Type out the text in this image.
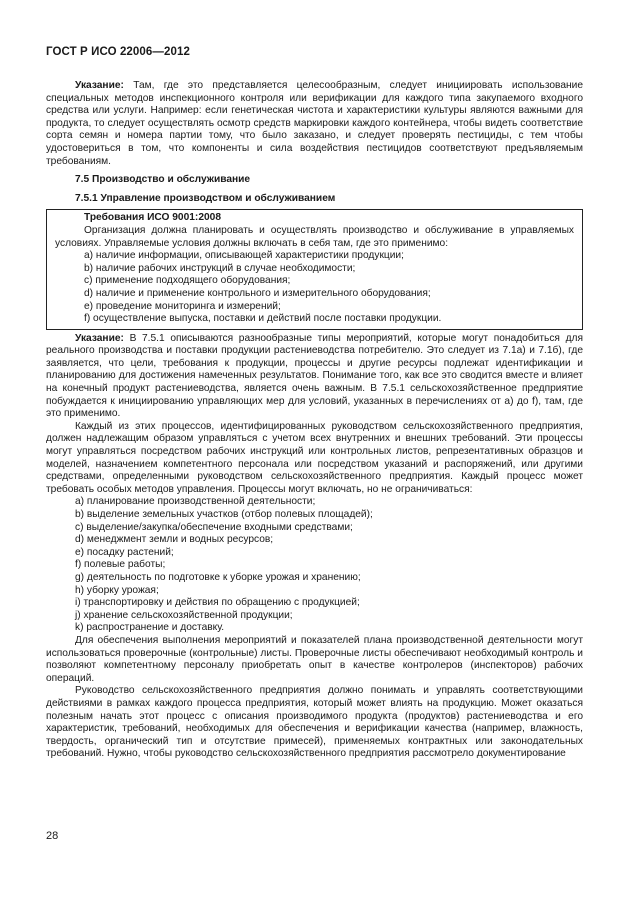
ГОСТ Р ИСО 22006—2012

Указание: Там, где это представляется целесообразным, следует инициировать использование специальных методов инспекционного контроля или верификации для каждого типа закупаемого входного средства или услуги. Например: если генетическая чистота и характеристики культуры являются важными для продукта, то следует осуществлять осмотр средств маркировки каждого контейнера, чтобы видеть соответствие сорта семян и номера партии тому, что было заказано, и следует проверять пестициды, с тем чтобы удостовериться в том, что компоненты и сила воздействия пестицидов соответствуют предъявляемым требованиям.

7.5 Производство и обслуживание

7.5.1 Управление производством и обслуживанием

Требования ИСО 9001:2008

Организация должна планировать и осуществлять производство и обслуживание в управляемых условиях. Управляемые условия должны включать в себя там, где это применимо:

а) наличие информации, описывающей характеристики продукции;

b) наличие рабочих инструкций в случае необходимости;

с) применение подходящего оборудования;

d) наличие и применение контрольного и измерительного оборудования;

е) проведение мониторинга и измерений;

f) осуществление выпуска, поставки и действий после поставки продукции.

Указание: В 7.5.1 описываются разнообразные типы мероприятий, которые могут понадобиться для реального производства и поставки продукции растениеводства потребителю. Это следует из 7.1а) и 7.1б), где заявляется, что цели, требования к продукции, процессы и другие ресурсы подлежат идентификации и планированию для достижения намеченных результатов. Понимание того, как все это сводится вместе и влияет на конечный продукт растениеводства, является очень важным. В 7.5.1 сельскохозяйственное предприятие побуждается к инициированию управляющих мер для условий, указанных в перечислениях от а) до f), там, где это применимо.

Каждый из этих процессов, идентифицированных руководством сельскохозяйственного предприятия, должен надлежащим образом управляться с учетом всех внутренних и внешних требований. Эти процессы могут управляться посредством рабочих инструкций или контрольных листов, репрезентативных образцов и моделей, назначением компетентного персонала или посредством указаний и распоряжений, или другими средствами, определенными руководством сельскохозяйственного предприятия. Каждый процесс может требовать особых методов управления. Процессы могут включать, но не ограничиваться:

а) планирование производственной деятельности;

b) выделение земельных участков (отбор полевых площадей);

с) выделение/закупка/обеспечение входными средствами;

d) менеджмент земли и водных ресурсов;

е) посадку растений;

f) полевые работы;

g) деятельность по подготовке к уборке урожая и хранению;

h) уборку урожая;

i) транспортировку и действия по обращению с продукцией;

j) хранение сельскохозяйственной продукции;

k) распространение и доставку.

Для обеспечения выполнения мероприятий и показателей плана производственной деятельности могут использоваться проверочные (контрольные) листы. Проверочные листы обеспечивают необходимый контроль и позволяют компетентному персоналу приобретать опыт в качестве контролеров (инспекторов) рабочих операций.

Руководство сельскохозяйственного предприятия должно понимать и управлять соответствующими действиями в рамках каждого процесса предприятия, который может влиять на продукцию. Может оказаться полезным начать этот процесс с описания производимого продукта (продуктов) растениеводства и его характеристик, требований, необходимых для обеспечения и верификации качества (например, влажность, твердость, органический тип и отсутствие примесей), применяемых контрактных или законодательных требований. Нужно, чтобы руководство сельскохозяйственного предприятия рассмотрело документирование

28
